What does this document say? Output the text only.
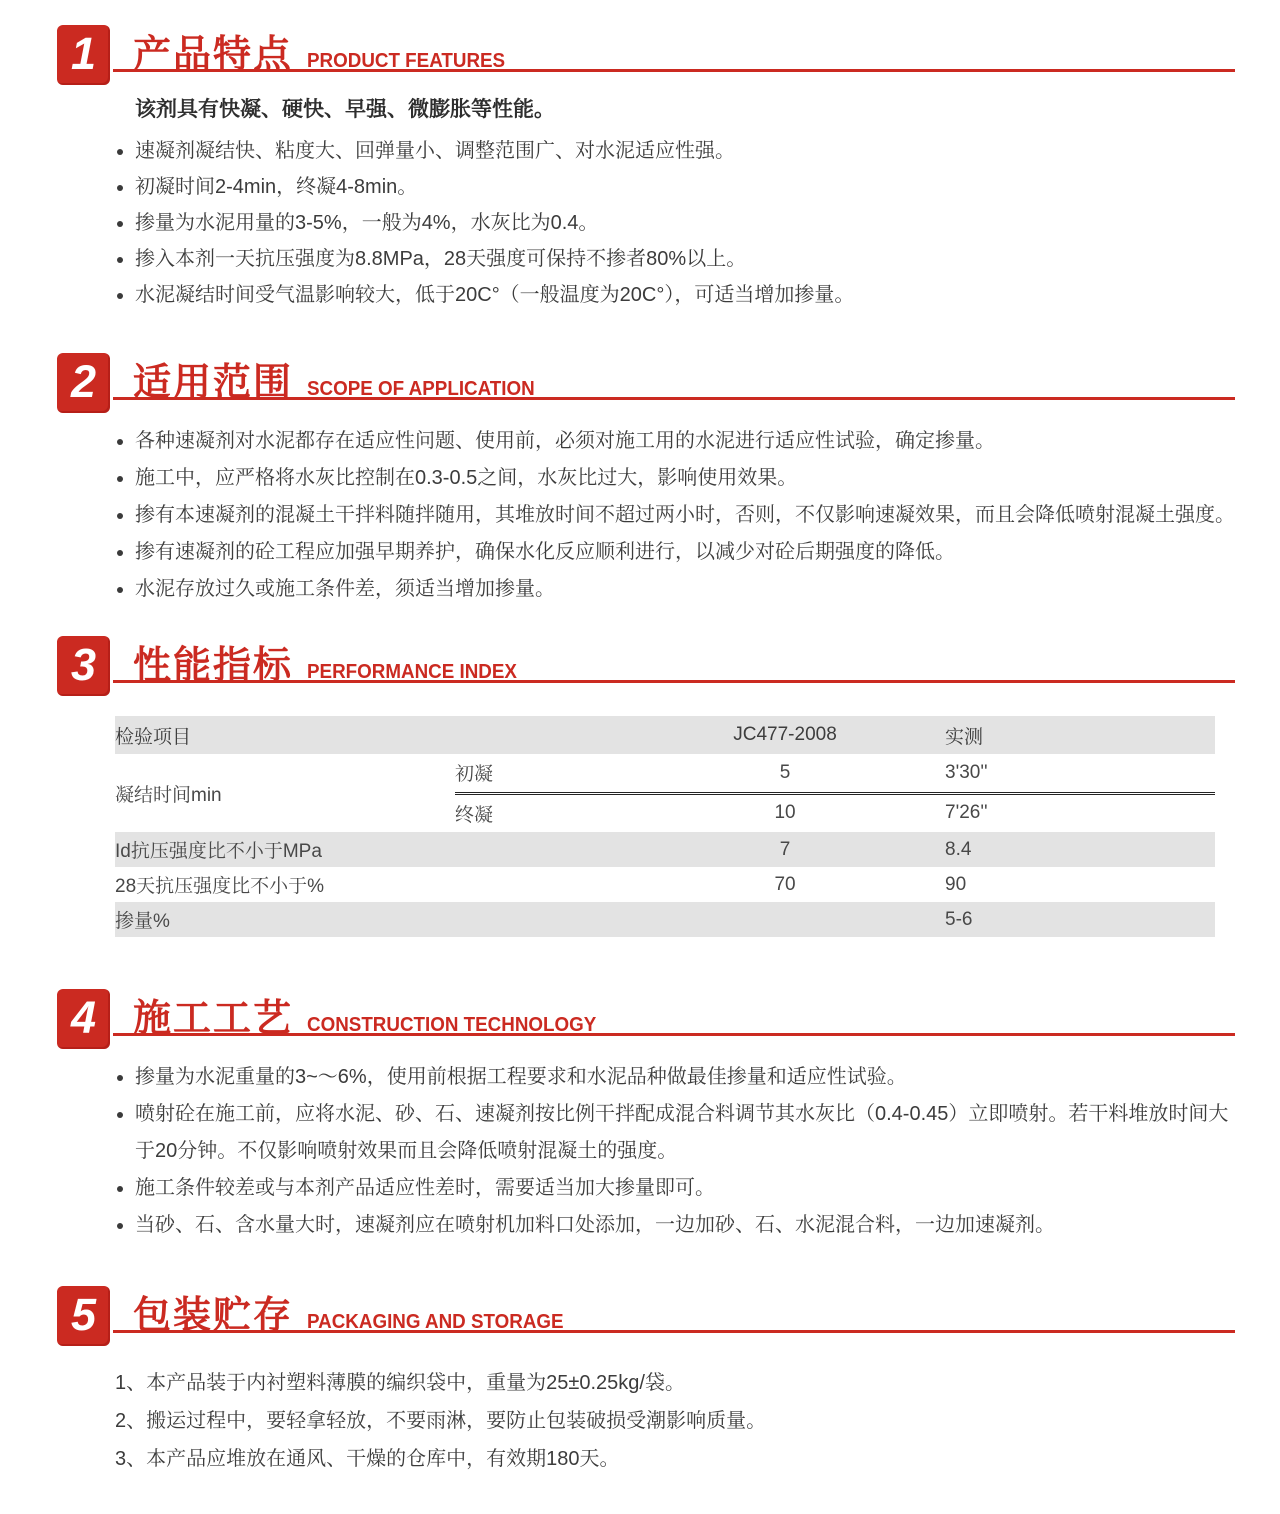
1 产品特点 PRODUCT FEATURES

该剂具有快凝、硬快、早强、微膨胀等性能。

速凝剂凝结快、粘度大、回弹量小、调整范围广、对水泥适应性强。
初凝时间2-4min，终凝4-8min。
掺量为水泥用量的3-5%，一般为4%，水灰比为0.4。
掺入本剂一天抗压强度为8.8MPa，28天强度可保持不掺者80%以上。
水泥凝结时间受气温影响较大，低于20C°（一般温度为20C°），可适当增加掺量。
2 适用范围 SCOPE OF APPLICATION
各种速凝剂对水泥都存在适应性问题、使用前，必须对施工用的水泥进行适应性试验，确定掺量。
施工中，应严格将水灰比控制在0.3-0.5之间，水灰比过大，影响使用效果。
掺有本速凝剂的混凝土干拌料随拌随用，其堆放时间不超过两小时，否则，不仅影响速凝效果，而且会降低喷射混凝土强度。
掺有速凝剂的砼工程应加强早期养护，确保水化反应顺利进行，以减少对砼后期强度的降低。
水泥存放过久或施工条件差，须适当增加掺量。
3 性能指标 PERFORMANCE INDEX
检验项目		JC477-2008	实测
凝结时间min	初凝	5	3'30''
	终凝	10	7'26''
Id抗压强度比不小于MPa		7	8.4
28天抗压强度比不小于%		70	90
掺量%			5-6
4 施工工艺 CONSTRUCTION TECHNOLOGY
掺量为水泥重量的3~～6%，使用前根据工程要求和水泥品种做最佳掺量和适应性试验。
喷射砼在施工前，应将水泥、砂、石、速凝剂按比例干拌配成混合料调节其水灰比（0.4-0.45）立即喷射。若干料堆放时间大于20分钟。不仅影响喷射效果而且会降低喷射混凝土的强度。
施工条件较差或与本剂产品适应性差时，需要适当加大掺量即可。
当砂、石、含水量大时，速凝剂应在喷射机加料口处添加，一边加砂、石、水泥混合料，一边加速凝剂。
5 包装贮存 PACKAGING AND STORAGE

1、本产品装于内衬塑料薄膜的编织袋中，重量为25±0.25kg/袋。

2、搬运过程中，要轻拿轻放，不要雨淋，要防止包装破损受潮影响质量。

3、本产品应堆放在通风、干燥的仓库中，有效期180天。
